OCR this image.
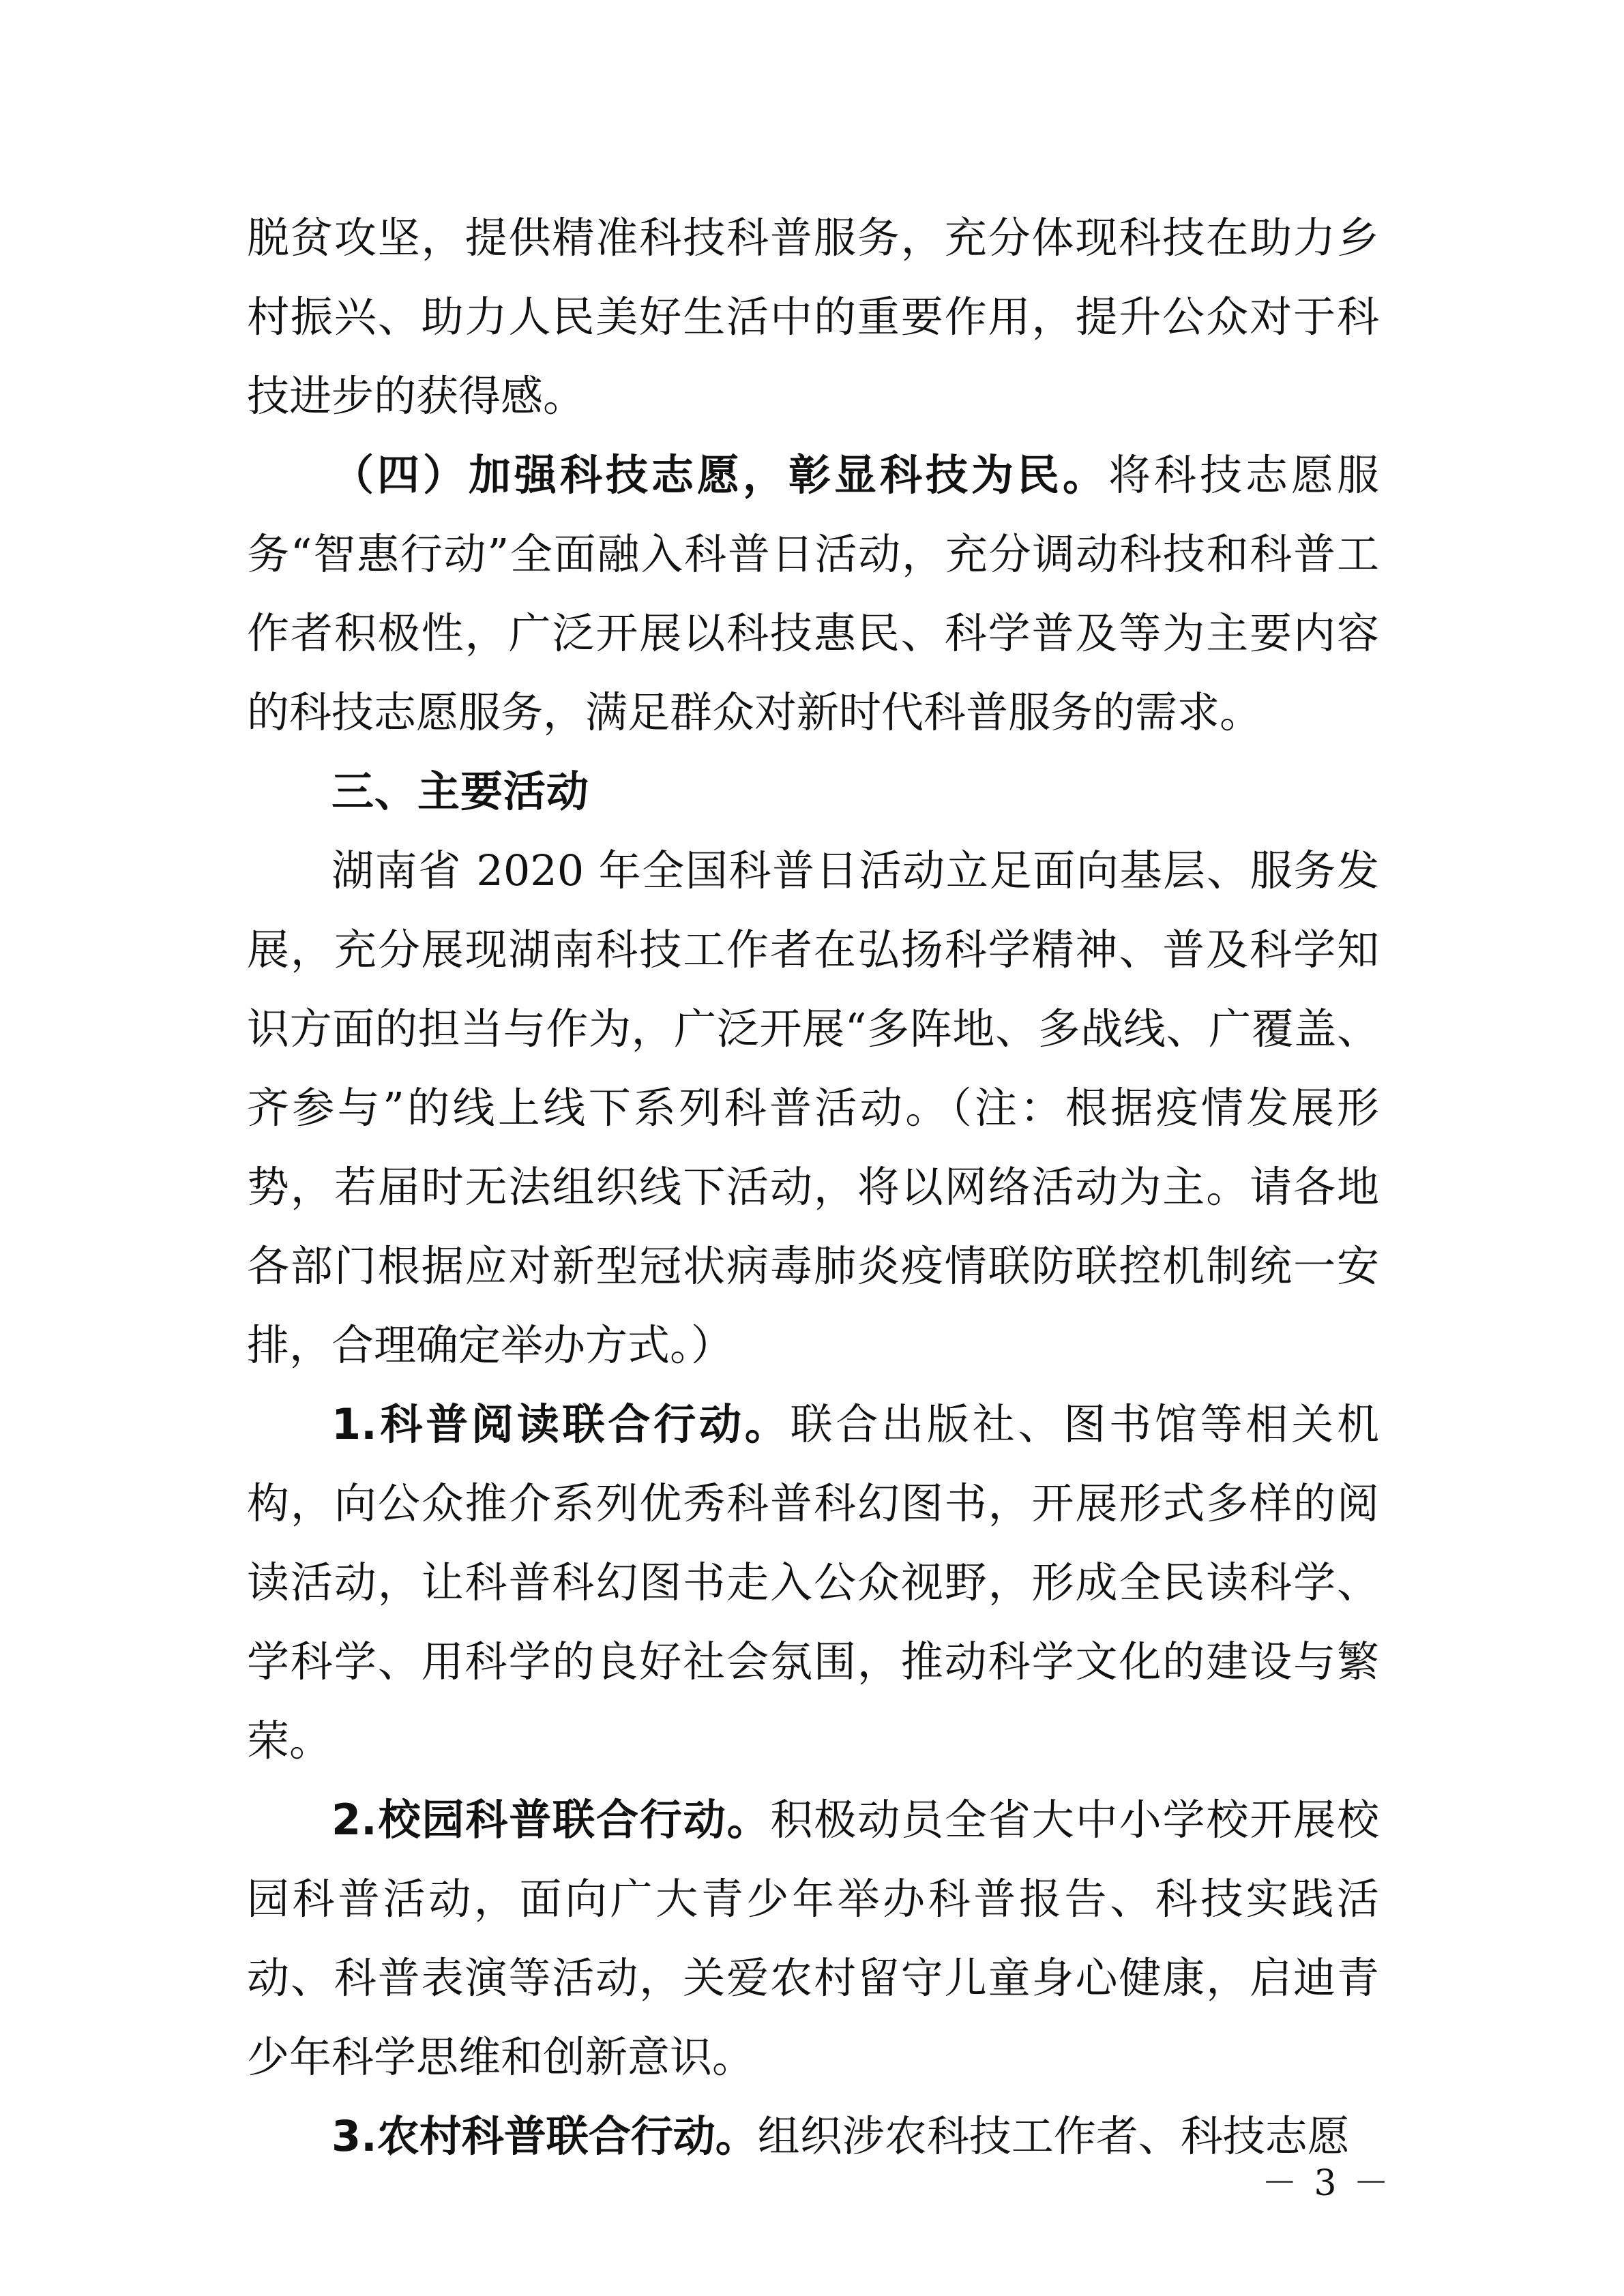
脱贫攻坚，提供精准科技科普服务，充分体现科技在助力乡村振兴、助力人民美好生活中的重要作用，提升公众对于科技进步的获得感。

（四）加强科技志愿，彰显科技为民。将科技志愿服务“智惠行动”全面融入科普日活动，充分调动科技和科普工作者积极性，广泛开展以科技惠民、科学普及等为主要内容的科技志愿服务，满足群众对新时代科普服务的需求。

三、主要活动

湖南省 2020 年全国科普日活动立足面向基层、服务发展，充分展现湖南科技工作者在弘扬科学精神、普及科学知识方面的担当与作为，广泛开展“多阵地、多战线、广覆盖、齐参与”的线上线下系列科普活动。（注：根据疫情发展形势，若届时无法组织线下活动，将以网络活动为主。请各地各部门根据应对新型冠状病毒肺炎疫情联防联控机制统一安排，合理确定举办方式。）

1.科普阅读联合行动。联合出版社、图书馆等相关机构，向公众推介系列优秀科普科幻图书，开展形式多样的阅读活动，让科普科幻图书走入公众视野，形成全民读科学、学科学、用科学的良好社会氛围，推动科学文化的建设与繁荣。

2.校园科普联合行动。积极动员全省大中小学校开展校园科普活动，面向广大青少年举办科普报告、科技实践活动、科普表演等活动，关爱农村留守儿童身心健康，启迪青少年科学思维和创新意识。

3.农村科普联合行动。组织涉农科技工作者、科技志愿

－ 3 －
